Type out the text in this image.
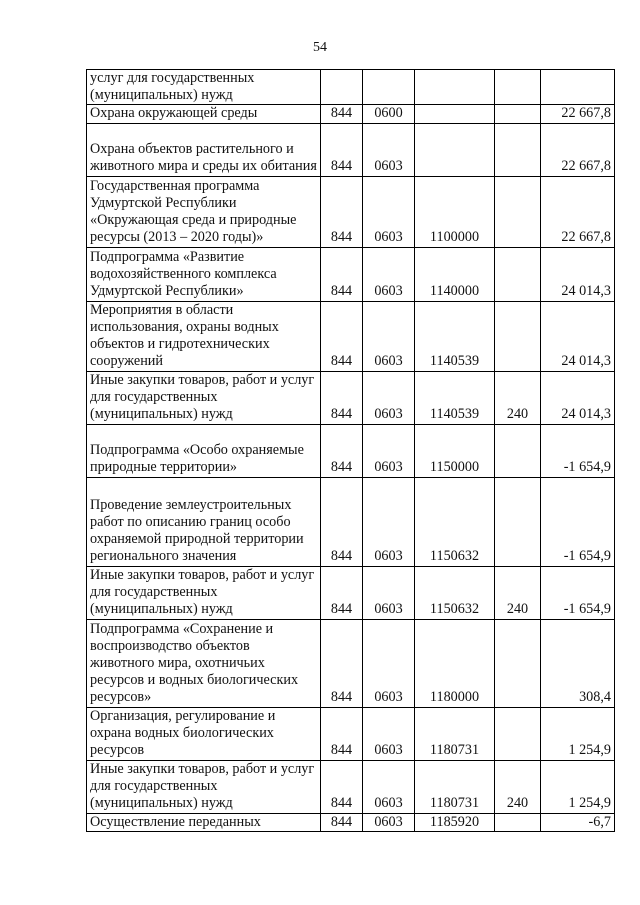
54
услуг для государственных (муниципальных) нужд					
Охрана окружающей среды	844	0600			22 667,8
Охрана объектов растительного и животного мира и среды их обитания	844	0603			22 667,8
Государственная программа Удмуртской Республики «Окружающая среда и природные ресурсы (2013 – 2020 годы)»	844	0603	1100000		22 667,8
Подпрограмма «Развитие водохозяйственного комплекса Удмуртской Республики»	844	0603	1140000		24 014,3
Мероприятия в области использования, охраны водных объектов и гидротехнических сооружений	844	0603	1140539		24 014,3
Иные закупки товаров, работ и услуг для государственных (муниципальных) нужд	844	0603	1140539	240	24 014,3
Подпрограмма «Особо охраняемые природные территории»	844	0603	1150000		-1 654,9
Проведение землеустроительных работ по описанию границ особо охраняемой природной территории регионального значения	844	0603	1150632		-1 654,9
Иные закупки товаров, работ и услуг для государственных (муниципальных) нужд	844	0603	1150632	240	-1 654,9
Подпрограмма «Сохранение и воспроизводство объектов животного мира, охотничьих ресурсов и водных биологических ресурсов»	844	0603	1180000		308,4
Организация, регулирование и охрана водных биологических ресурсов	844	0603	1180731		1 254,9
Иные закупки товаров, работ и услуг для государственных (муниципальных) нужд	844	0603	1180731	240	1 254,9
Осуществление переданных	844	0603	1185920		-6,7
